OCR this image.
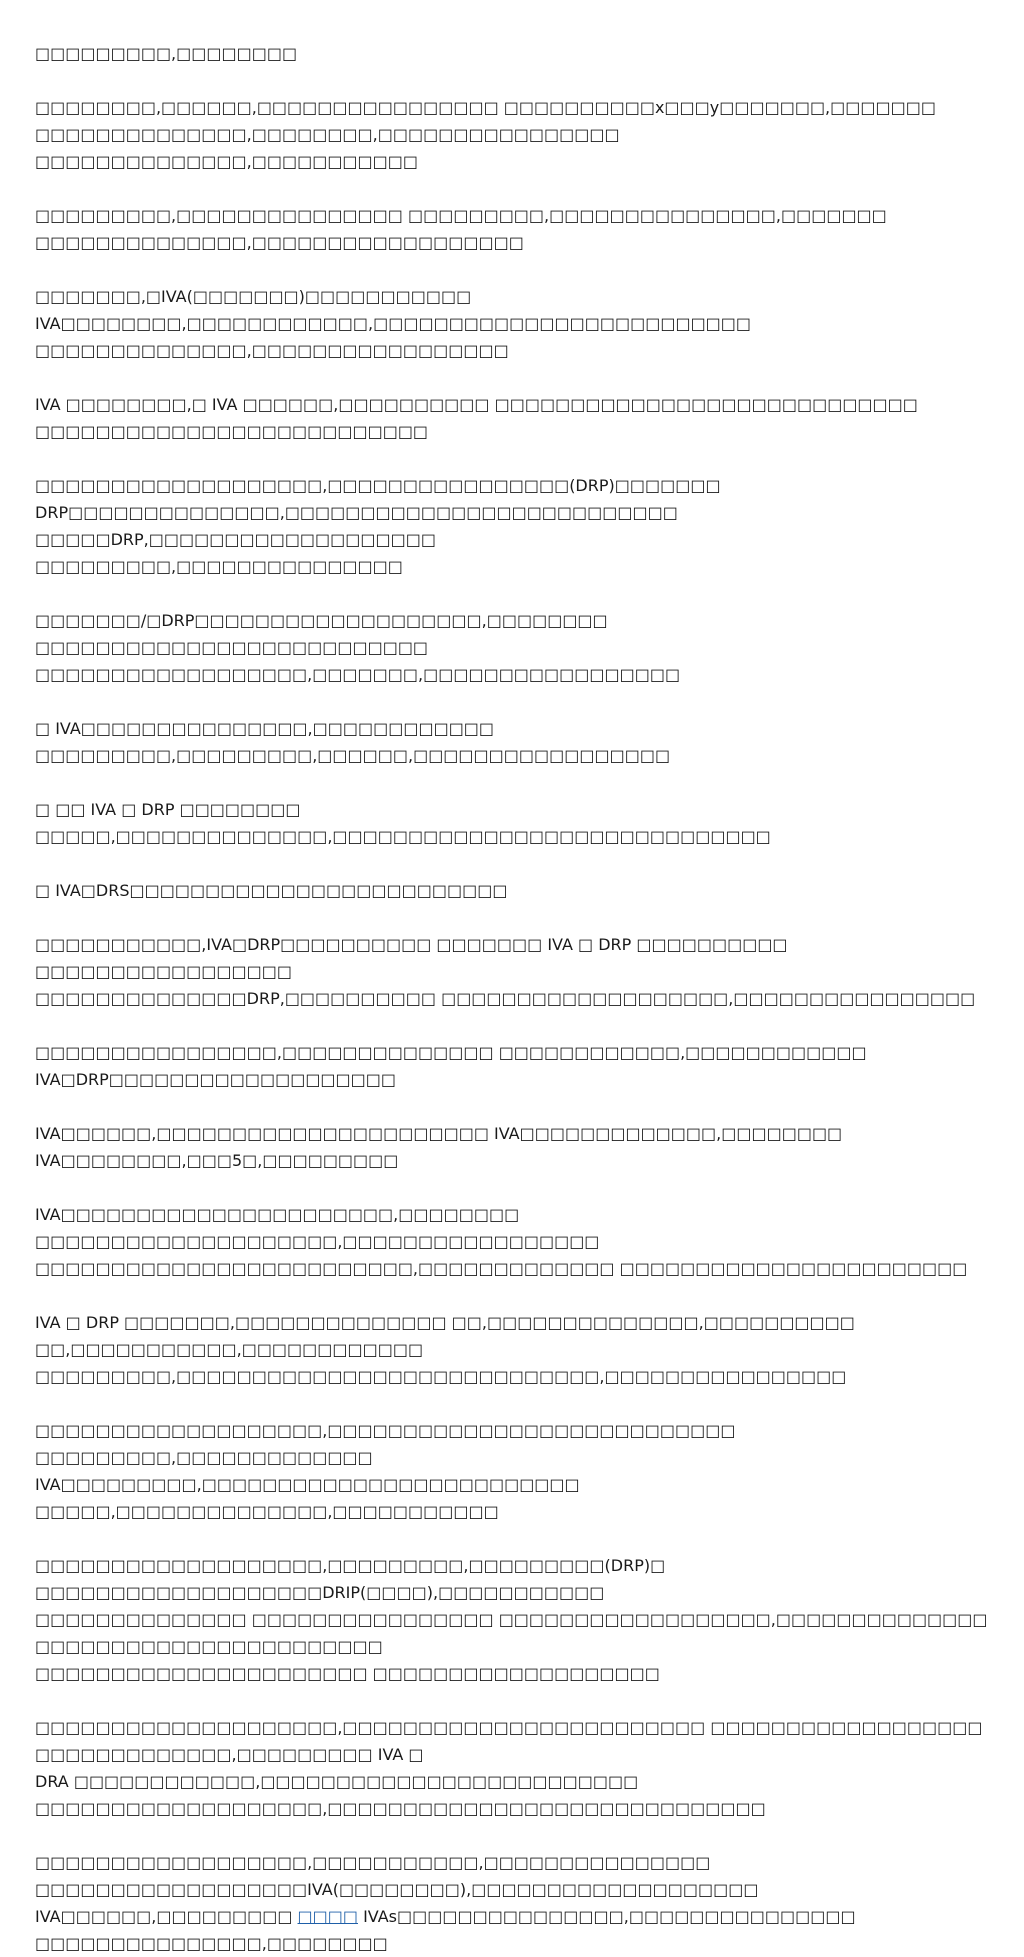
□□□□□□□□□,□□□□□□□□

□□□□□□□□,□□□□□□,□□□□□□□□□□□□□□□□ □□□□□□□□□□x□□□y□□□□□□□,□□□□□□□
□□□□□□□□□□□□□□,□□□□□□□□,□□□□□□□□□□□□□□□□ □□□□□□□□□□□□□□,□□□□□□□□□□□

□□□□□□□□□,□□□□□□□□□□□□□□□ □□□□□□□□□,□□□□□□□□□□□□□□□,□□□□□□□ □□□□□□□□□□□□□□,□□□□□□□□□□□□□□□□□□

□□□□□□□,□IVA(□□□□□□□)□□□□□□□□□□□ IVA□□□□□□□□,□□□□□□□□□□□□,□□□□□□□□□□□□□□□□□□□□□□□□□
□□□□□□□□□□□□□□,□□□□□□□□□□□□□□□□□

IVA □□□□□□□□,□ IVA □□□□□□,□□□□□□□□□□ □□□□□□□□□□□□□□□□□□□□□□□□□□□□ □□□□□□□□□□□□□□□□□□□□□□□□□□

□□□□□□□□□□□□□□□□□□□,□□□□□□□□□□□□□□□□(DRP)□□□□□□□
DRP□□□□□□□□□□□□□□,□□□□□□□□□□□□□□□□□□□□□□□□□□ □□□□□DRP,□□□□□□□□□□□□□□□□□□□
□□□□□□□□□,□□□□□□□□□□□□□□□

□□□□□□□/□DRP□□□□□□□□□□□□□□□□□□□,□□□□□□□□ □□□□□□□□□□□□□□□□□□□□□□□□□□
□□□□□□□□□□□□□□□□□□,□□□□□□□,□□□□□□□□□□□□□□□□□

□ IVA□□□□□□□□□□□□□□□,□□□□□□□□□□□□ □□□□□□□□□,□□□□□□□□□,□□□□□□,□□□□□□□□□□□□□□□□□

□ □□ IVA □ DRP □□□□□□□□ □□□□□,□□□□□□□□□□□□□□,□□□□□□□□□□□□□□□□□□□□□□□□□□□□□

□ IVA□DRS□□□□□□□□□□□□□□□□□□□□□□□□□

□□□□□□□□□□□,IVA□DRP□□□□□□□□□□ □□□□□□□ IVA □ DRP □□□□□□□□□□ □□□□□□□□□□□□□□□□□
□□□□□□□□□□□□□□DRP,□□□□□□□□□□ □□□□□□□□□□□□□□□□□□□,□□□□□□□□□□□□□□□□

□□□□□□□□□□□□□□□□,□□□□□□□□□□□□□□ □□□□□□□□□□□□,□□□□□□□□□□□□ IVA□DRP□□□□□□□□□□□□□□□□□□□

IVA□□□□□□,□□□□□□□□□□□□□□□□□□□□□□ IVA□□□□□□□□□□□□□,□□□□□□□□ IVA□□□□□□□□,□□□5□,□□□□□□□□□

IVA□□□□□□□□□□□□□□□□□□□□□□,□□□□□□□□ □□□□□□□□□□□□□□□□□□□□,□□□□□□□□□□□□□□□□□
□□□□□□□□□□□□□□□□□□□□□□□□□,□□□□□□□□□□□□□ □□□□□□□□□□□□□□□□□□□□□□□

IVA □ DRP □□□□□□□,□□□□□□□□□□□□□□ □□,□□□□□□□□□□□□□□,□□□□□□□□□□ □□,□□□□□□□□□□□,□□□□□□□□□□□□
□□□□□□□□□,□□□□□□□□□□□□□□□□□□□□□□□□□□□□,□□□□□□□□□□□□□□□□

□□□□□□□□□□□□□□□□□□□,□□□□□□□□□□□□□□□□□□□□□□□□□□□ □□□□□□□□□,□□□□□□□□□□□□□
IVA□□□□□□□□□,□□□□□□□□□□□□□□□□□□□□□□□□□ □□□□□,□□□□□□□□□□□□□□,□□□□□□□□□□□

□□□□□□□□□□□□□□□□□□□,□□□□□□□□□,□□□□□□□□□(DRP)□ □□□□□□□□□□□□□□□□□□□DRIP(□□□□),□□□□□□□□□□□
□□□□□□□□□□□□□□ □□□□□□□□□□□□□□□□ □□□□□□□□□□□□□□□□□□,□□□□□□□□□□□□□□ □□□□□□□□□□□□□□□□□□□□□□□
□□□□□□□□□□□□□□□□□□□□□□ □□□□□□□□□□□□□□□□□□□

□□□□□□□□□□□□□□□□□□□□,□□□□□□□□□□□□□□□□□□□□□□□□ □□□□□□□□□□□□□□□□□□ □□□□□□□□□□□□□,□□□□□□□□□ IVA □
DRA □□□□□□□□□□□□,□□□□□□□□□□□□□□□□□□□□□□□□□ □□□□□□□□□□□□□□□□□□□,□□□□□□□□□□□□□□□□□□□□□□□□□□□□□

□□□□□□□□□□□□□□□□□□,□□□□□□□□□□□,□□□□□□□□□□□□□□□ □□□□□□□□□□□□□□□□□□IVA(□□□□□□□□),□□□□□□□□□□□□□□□□□□□
IVA□□□□□□,□□□□□□□□□ □□□□ IVAs□□□□□□□□□□□□□□□,□□□□□□□□□□□□□□□ □□□□□□□□□□□□□□□,□□□□□□□□
